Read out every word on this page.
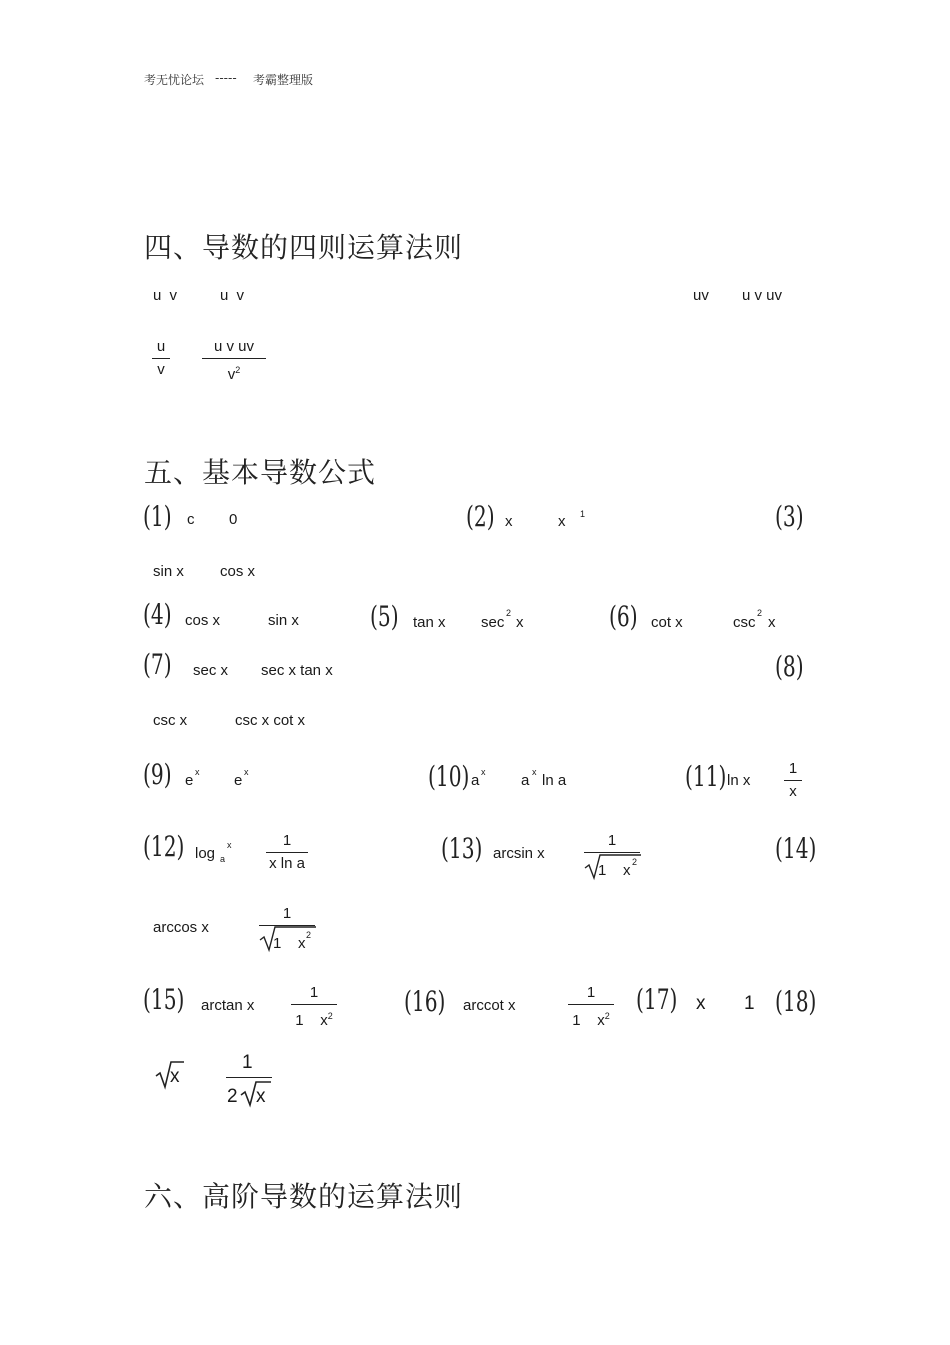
考无忧论坛 ----- 考霸整理版
四、导数的四则运算法则
u v	u v	uv u v uv
u
v
u v uv
$v^2$
五、基本导数公式
(1) c 0	(2) x	x 1	(3)
sin x cos x
(4) cos x	sin x	(5) tan x sec
2
x	(6) cot x	csc
2
x
(7) sec x sec x tan x	(8)
csc x	csc x cot x
(9) e x e x	(10) a x a x ln a	(11) ln x
1
x
(12) log a
x	1
x ln a	(13) arcsin x
1
1    x 2	(14)
arccos x
1
1    x 2
(15) arctan x
1
1    $x^2$	(16) arccot x
1
1    $x^2$ (17) x 1 (18)
x
1
2 x
六、高阶导数的运算法则
